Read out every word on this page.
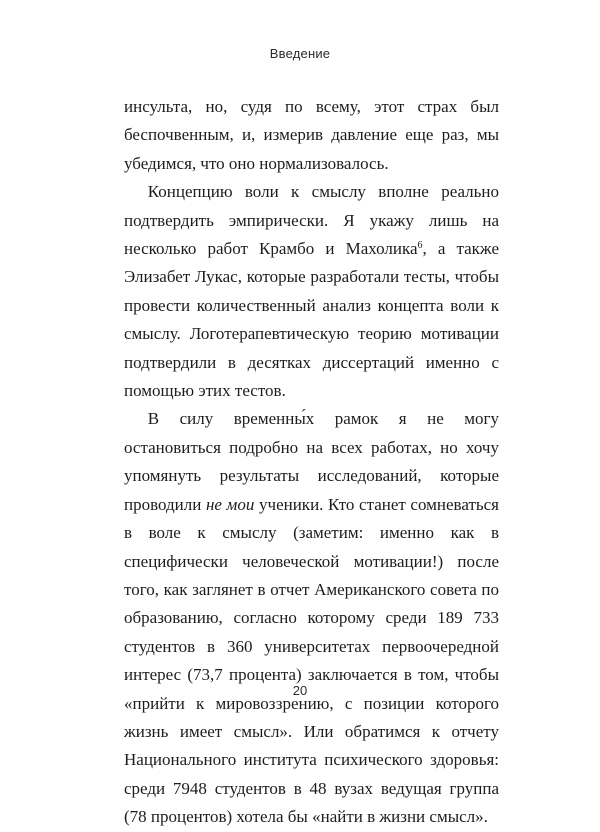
Введение

инсульта, но, судя по всему, этот страх был беспочвенным, и, измерив давление еще раз, мы убедимся, что оно нормализовалось.

Концепцию воли к смыслу вполне реально подтвердить эмпирически. Я укажу лишь на несколько работ Крамбо и Махолика$^6$, а также Элизабет Лукас, которые разработали тесты, чтобы провести количественный анализ концепта воли к смыслу. Логотерапевтическую теорию мотивации подтвердили в десятках диссертаций именно с помощью этих тестов.

В силу временны́х рамок я не могу остановиться подробно на всех работах, но хочу упомянуть результаты исследований, которые проводили не мои ученики. Кто станет сомневаться в воле к смыслу (заметим: именно как в специфически человеческой мотивации!) после того, как заглянет в отчет Американского совета по образованию, согласно которому среди 189 733 студентов в 360 университетах первоочередной интерес (73,7 процента) заключается в том, чтобы «прийти к мировоззрению, с позиции которого жизнь имеет смысл». Или обратимся к отчету Национального института психического здоровья: среди 7948 студентов в 48 вузах ведущая группа (78 процентов) хотела бы «найти в жизни смысл».

20
